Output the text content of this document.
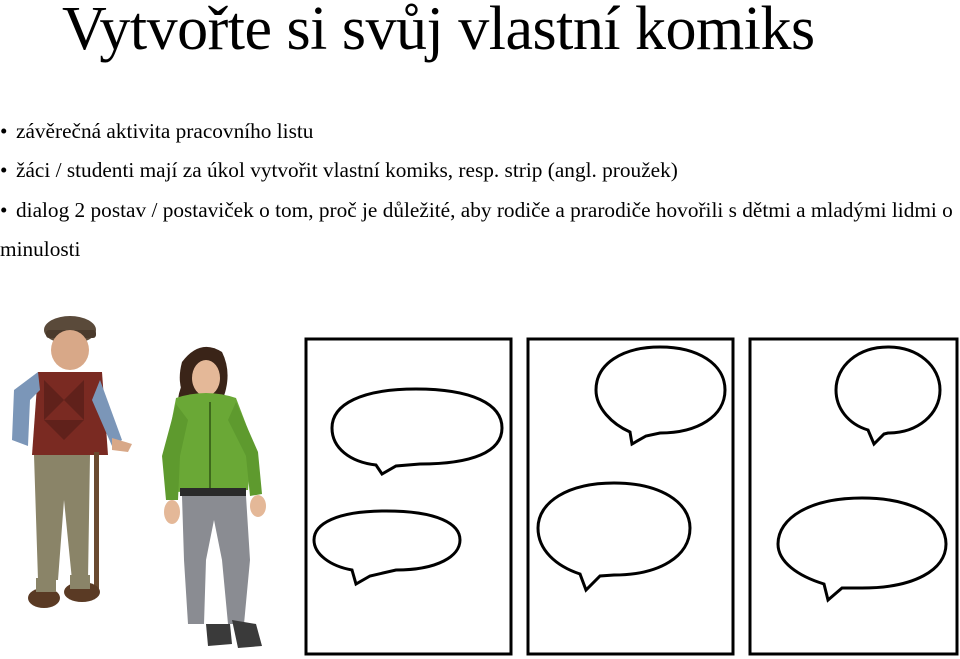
Vytvořte si svůj vlastní komiks
• závěrečná aktivita pracovního listu
• žáci / studenti mají za úkol vytvořit vlastní komiks, resp. strip (angl. proužek)
• dialog 2 postav / postaviček o tom, proč je důležité, aby rodiče a prarodiče hovořili s dětmi a mladými lidmi o minulosti
